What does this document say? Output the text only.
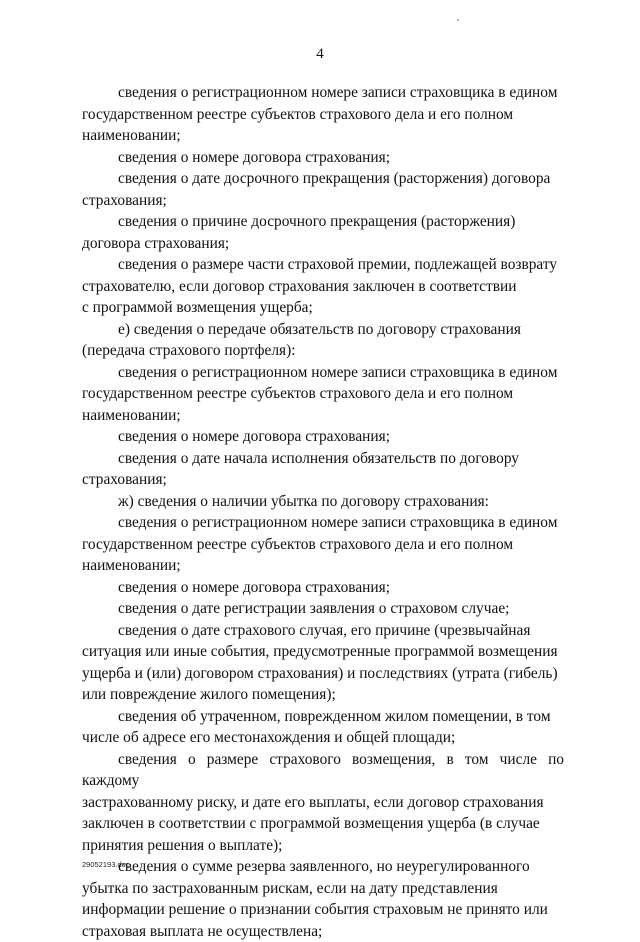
4

сведения о регистрационном номере записи страховщика в едином
государственном реестре субъектов страхового дела и его полном
наименовании;

сведения о номере договора страхования;

сведения о дате досрочного прекращения (расторжения) договора
страхования;

сведения о причине досрочного прекращения (расторжения)
договора страхования;

сведения о размере части страховой премии, подлежащей возврату
страхователю, если договор страхования заключен в соответствии
с программой возмещения ущерба;

е) сведения о передаче обязательств по договору страхования
(передача страхового портфеля):

сведения о регистрационном номере записи страховщика в едином
государственном реестре субъектов страхового дела и его полном
наименовании;

сведения о номере договора страхования;

сведения о дате начала исполнения обязательств по договору
страхования;

ж) сведения о наличии убытка по договору страхования:

сведения о регистрационном номере записи страховщика в едином
государственном реестре субъектов страхового дела и его полном
наименовании;

сведения о номере договора страхования;

сведения о дате регистрации заявления о страховом случае;

сведения о дате страхового случая, его причине (чрезвычайная
ситуация или иные события, предусмотренные программой возмещения
ущерба и (или) договором страхования) и последствиях (утрата (гибель)
или повреждение жилого помещения);

сведения об утраченном, поврежденном жилом помещении, в том
числе об адресе его местонахождения и общей площади;

сведения о размере страхового возмещения, в том числе по каждому
застрахованному риску, и дате его выплаты, если договор страхования
заключен в соответствии с программой возмещения ущерба (в случае
принятия решения о выплате);

сведения о сумме резерва заявленного, но неурегулированного
убытка по застрахованным рискам, если на дату представления
информации решение о признании события страховым не принято или
страховая выплата не осуществлена;

29052193.doc
